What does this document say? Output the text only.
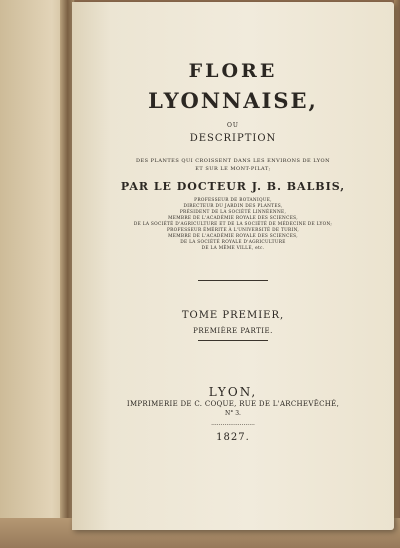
FLORE
LYONNAISE,
OU
DESCRIPTION
DES PLANTES QUI CROISSENT DANS LES ENVIRONS DE LYON
ET SUR LE MONT-PILAT;
PAR LE DOCTEUR J. B. BALBIS,
PROFESSEUR DE BOTANIQUE,
DIRECTEUR DU JARDIN DES PLANTES,
PRÉSIDENT DE LA SOCIÉTÉ LINNÉENNE,
MEMBRE DE L'ACADÉMIE ROYALE DES SCIENCES,
DE LA SOCIÉTÉ D'AGRICULTURE ET DE LA SOCIÉTÉ DE MÉDECINE DE LYON;
PROFESSEUR ÉMÉRITE À L'UNIVERSITÉ DE TURIN,
MEMBRE DE L'ACADÉMIE ROYALE DES SCIENCES,
DE LA SOCIÉTÉ ROYALE D'AGRICULTURE
DE LA MÊME VILLE, etc.
TOME PREMIER,
PREMIÈRE PARTIE.
LYON,
IMPRIMERIE DE C. COQUE, RUE DE L'ARCHEVÊCHÉ,
N° 3.
·······················
1827.
